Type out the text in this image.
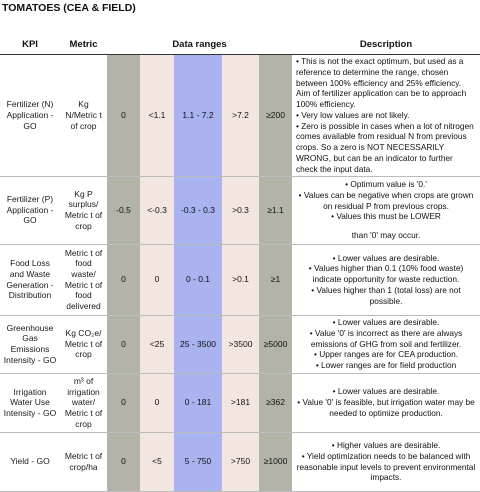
TOMATOES (CEA & FIELD)
KPI	Metric	Data ranges					Description
Fertilizer (N) Application - GO	Kg N/Metric t of crop	0	<1.1	1.1 - 7.2	>7.2	≥200	• This is not the exact optimum, but used as a reference to determine the range, chosen between 100% efficiency and 25% efficiency. Aim of fertilizer application can be to approach 100% efficiency.
• Very low values are not likely.
• Zero is possible in cases when a lot of nitrogen comes available from residual N from previous crops. So a zero is NOT NECESSARILY WRONG, but can be an indicator to further check the input data.

Fertilizer (P) Application - GO	Kg P surplus/ Metric t of crop	-0.5	<-0.3	-0.3 - 0.3	>0.3	≥1.1	• Optimum value is '0.'
• Values can be negative when crops are grown on residual P from previous crops.
• Values this must be LOWER
than '0' may occur.

Food Loss and Waste Generation - Distribution	Metric t of food waste/ Metric t of food delivered	0	0	0 - 0.1	>0.1	≥1	• Lower values are desirable.
• Values higher than 0.1 (10% food waste) indicate opportunity for waste reduction.
• Values higher than 1 (total loss) are not possible.

Greenhouse Gas Emissions Intensity - GO	Kg CO₂e/ Metric t of crop	0	<25	25 - 3500	>3500	≥5000	• Lower values are desirable.
• Value '0' is incorrect as there are always emissions of GHG from soil and fertilizer.
• Upper ranges are for CEA production.
• Lower ranges are for field production

Irrigation Water Use Intensity - GO	m³ of irrigation water/ Metric t of crop	0	0	0 - 181	>181	≥362	• Lower values are desirable.
• Value '0' is feasible, but irrigation water may be needed to optimize production.

Yield - GO	Metric t of crop/ha	0	<5	5 - 750	>750	≥1000	• Higher values are desirable.
• Yield optimization needs to be balanced with reasonable input levels to prevent environmental impacts.
